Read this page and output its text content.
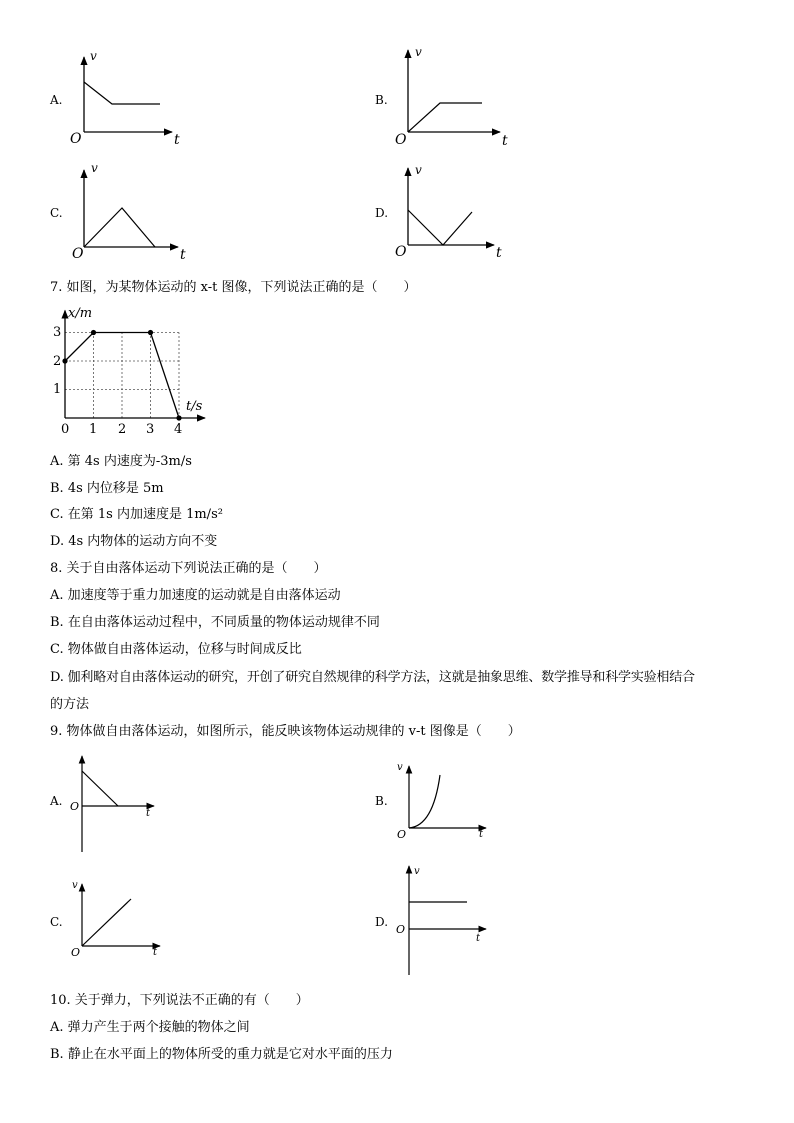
A.
v
t
O
B.
v
t
O
C.
v
t
O
D.
v
t
O
7. 如图，为某物体运动的 x-t 图像，下列说法正确的是（　　）
x/m
t/s
0 1 2 3 4
1
2
3
A. 第 4s 内速度为-3m/s
B. 4s 内位移是 5m
C. 在第 1s 内加速度是 1m/s²
D. 4s 内物体的运动方向不变
8. 关于自由落体运动下列说法正确的是（　　）
A. 加速度等于重力加速度的运动就是自由落体运动
B. 在自由落体运动过程中，不同质量的物体运动规律不同
C. 物体做自由落体运动，位移与时间成反比
D. 伽利略对自由落体运动的研究，开创了研究自然规律的科学方法，这就是抽象思维、数学推导和科学实验相结合
的方法
9. 物体做自由落体运动，如图所示，能反映该物体运动规律的 v-t 图像是（　　）
A.
t
O	B.
v
t
O
C.
v
t
O
D.
v
t
O
10. 关于弹力，下列说法不正确的有（　　）
A. 弹力产生于两个接触的物体之间
B. 静止在水平面上的物体所受的重力就是它对水平面的压力
